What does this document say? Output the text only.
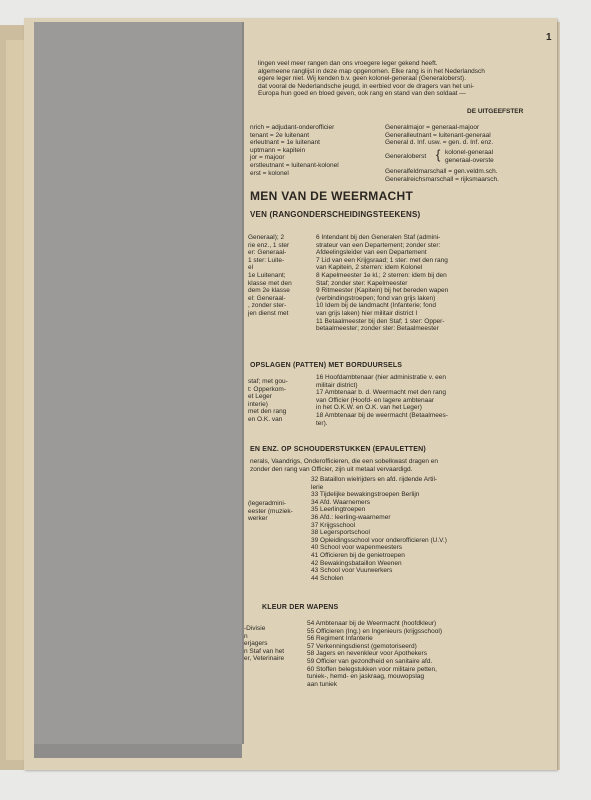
1

lingen veel meer rangen dan ons vroegere leger gekend heeft.

algemeene ranglijst in deze map opgenomen. Elke rang is in het Nederlandsch

egere leger niet. Wij kenden b.v. geen kolonel-generaal (Generaloberst).

dat vooral de Nederlandsche jeugd, in eerbied voor de dragers van het uni-

Europa hun goed en bloed geven, ook rang en stand van den soldaat —

DE UITGEEFSTER

nrich = adjudant-onderofficier

tenant = 2e luitenant

erleutnant = 1e luitenant

uptmann = kapitein

jor = majoor

erstleutnant = luitenant-kolonel

erst = kolonel

Generalmajor = generaal-majoor

Generalleutnant = luitenant-generaal

General d. Inf. usw. = gen. d. Inf. enz.

Generaloberst { kolonel-generaal

generaal-overste

Generalfeldmarschall = gen.veldm.sch.

Generalreichsmarschall = rijksmaarsch.

MEN VAN DE WEERMACHT
VEN (RANGONDERSCHEIDINGSTEEKENS)

Generaal); 2

rie enz., 1 ster

er: Generaal-

1 ster: Luite-

el

1e Luitenant;

klasse met den

dem 2e klasse

el: Generaal-

, zonder ster-

jen dienst met

6 Intendant bij den Generalen Staf (admini-

strateur van een Departement; zonder ster:

Afdeelingsleider van een Departement

7 Lid van een Krijgsraad; 1 ster: met den rang

van Kapitein, 2 sterren: idem Kolonel

8 Kapelmeester 1e kl.; 2 sterren: idem bij den

Staf; zonder ster: Kapelmeester

9 Ritmeester (Kapitein) bij het bereden wapen

(verbindingstroepen; fond van grijs laken)

10 Idem bij de landmacht (Infanterie; fond

van grijs laken) hier militair district I

11 Betaalmeester bij den Staf; 1 ster: Opper-

betaalmeester; zonder ster: Betaalmeester

OPSLAGEN (PATTEN) MET BORDUURSELS

staf; met gou-

t: Opperkom-

et Leger

interie)

met den rang

en O.K. van

16 Hoofdambtenaar (hier administratie v. een

militair district)

17 Ambtenaar b. d. Weermacht met den rang

van Officier (Hoofd- en lagere ambtenaar

in het O.K.W. en O.K. van het Leger)

18 Ambtenaar bij de weermacht (Betaalmees-

ter).

EN ENZ. OP SCHOUDERSTUKKEN (EPAULETTEN)

nerals, Vaandrigs, Onderofficieren, die een sobelkwast dragen en

zonder den rang van Officier, zijn uit metaal vervaardigd.

(legeradmini-

eester (muziek-

werker

32 Bataillon wielrijders en afd. rijdende Artil-

lerie

33 Tijdelijke bewakingstroepen Berlijn

34 Afd. Waarnemers

35 Leerlingtroepen

36 Afd.: leerling-waarnemer

37 Krijgsschool

38 Legersportschool

39 Opleidingsschool voor onderofficieren (U.V.)

40 School voor wapenmeesters

41 Officieren bij de genietroepen

42 Bewakingsbataillon Weenen

43 School voor Vuurwerkers

44 Scholen

KLEUR DER WAPENS

-Divisie

n

erjagers

n Staf van het

er, Veterinaire

54 Ambtenaar bij de Weermacht (hoofdkleur)

55 Officieren (Ing.) en Ingenieurs (krijgsschool)

56 Regiment Infanterie

57 Verkenningsdienst (gemotoriseerd)

58 Jagers en nevenkleur voor Apothekers

59 Officier van gezondheid en sanitaire afd.

60 Stoffen belegstukken voor militaire petten,

tuniek-, hemd- en jaskraag, mouwopslag

aan tuniek
